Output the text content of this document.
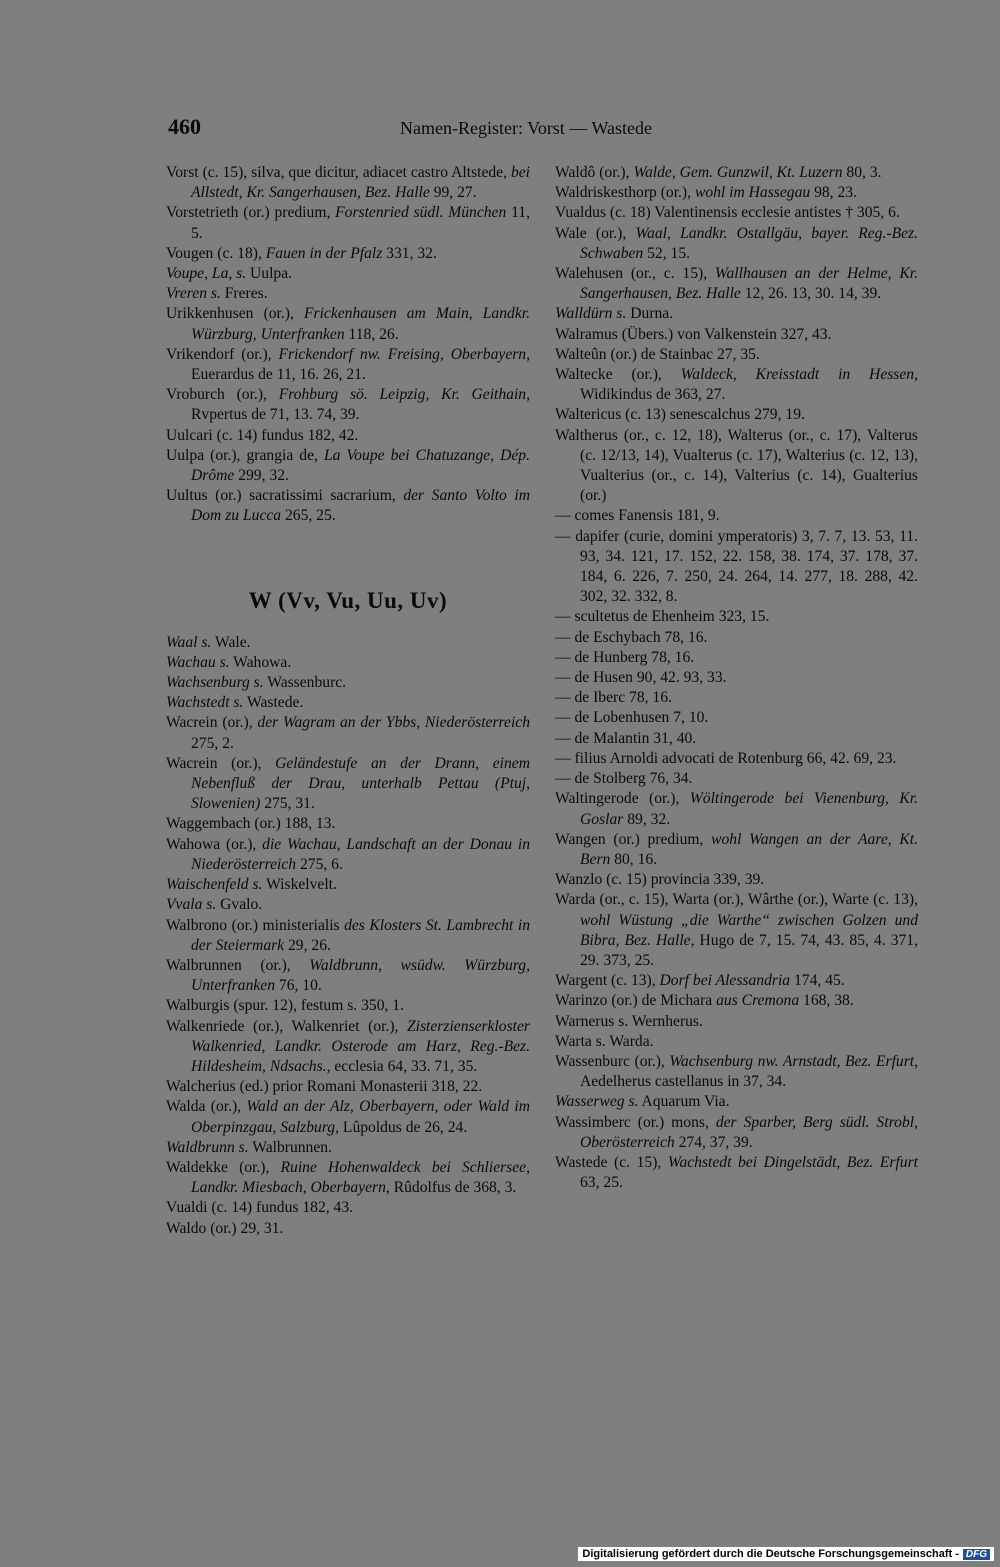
460	Namen-Register: Vorst — Wastede

Vorst (c. 15), silva, que dicitur, adiacet castro Altstede, bei Allstedt, Kr. Sangerhausen, Bez. Halle 99, 27.

Vorstetrieth (or.) predium, Forstenried südl. München 11, 5.

Vougen (c. 18), Fauen in der Pfalz 331, 32.

Voupe, La, s. Uulpa.

Vreren s. Freres.

Urikkenhusen (or.), Frickenhausen am Main, Landkr. Würzburg, Unterfranken 118, 26.

Vrikendorf (or.), Frickendorf nw. Freising, Oberbayern, Euerardus de 11, 16. 26, 21.

Vroburch (or.), Frohburg sö. Leipzig, Kr. Geithain, Rvpertus de 71, 13. 74, 39.

Uulcari (c. 14) fundus 182, 42.

Uulpa (or.), grangia de, La Voupe bei Chatuzange, Dép. Drôme 299, 32.

Uultus (or.) sacratissimi sacrarium, der Santo Volto im Dom zu Lucca 265, 25.

W (Vv, Vu, Uu, Uv)

Waal s. Wale.

Wachau s. Wahowa.

Wachsenburg s. Wassenburc.

Wachstedt s. Wastede.

Wacrein (or.), der Wagram an der Ybbs, Niederösterreich 275, 2.

Wacrein (or.), Geländestufe an der Drann, einem Nebenfluß der Drau, unterhalb Pettau (Ptuj, Slowenien) 275, 31.

Waggembach (or.) 188, 13.

Wahowa (or.), die Wachau, Landschaft an der Donau in Niederösterreich 275, 6.

Waischenfeld s. Wiskelvelt.

Vvala s. Gvalo.

Walbrono (or.) ministerialis des Klosters St. Lambrecht in der Steiermark 29, 26.

Walbrunnen (or.), Waldbrunn, wsüdw. Würzburg, Unterfranken 76, 10.

Walburgis (spur. 12), festum s. 350, 1.

Walkenriede (or.), Walkenriet (or.), Zisterzienserkloster Walkenried, Landkr. Osterode am Harz, Reg.-Bez. Hildesheim, Ndsachs., ecclesia 64, 33. 71, 35.

Walcherius (ed.) prior Romani Monasterii 318, 22.

Walda (or.), Wald an der Alz, Oberbayern, oder Wald im Oberpinzgau, Salzburg, Lûpoldus de 26, 24.

Waldbrunn s. Walbrunnen.

Waldekke (or.), Ruine Hohenwaldeck bei Schliersee, Landkr. Miesbach, Oberbayern, Rûdolfus de 368, 3.

Vualdi (c. 14) fundus 182, 43.

Waldo (or.) 29, 31.

Waldô (or.), Walde, Gem. Gunzwil, Kt. Luzern 80, 3.

Waldriskesthorp (or.), wohl im Hassegau 98, 23.

Vualdus (c. 18) Valentinensis ecclesie antistes † 305, 6.

Wale (or.), Waal, Landkr. Ostallgäu, bayer. Reg.-Bez. Schwaben 52, 15.

Walehusen (or., c. 15), Wallhausen an der Helme, Kr. Sangerhausen, Bez. Halle 12, 26. 13, 30. 14, 39.

Walldürn s. Durna.

Walramus (Übers.) von Valkenstein 327, 43.

Walteûn (or.) de Stainbac 27, 35.

Waltecke (or.), Waldeck, Kreisstadt in Hessen, Widikindus de 363, 27.

Waltericus (c. 13) senescalchus 279, 19.

Waltherus (or., c. 12, 18), Walterus (or., c. 17), Valterus (c. 12/13, 14), Vualterus (c. 17), Walterius (c. 12, 13), Vualterius (or., c. 14), Valterius (c. 14), Gualterius (or.)

— comes Fanensis 181, 9.

— dapifer (curie, domini ymperatoris) 3, 7. 7, 13. 53, 11. 93, 34. 121, 17. 152, 22. 158, 38. 174, 37. 178, 37. 184, 6. 226, 7. 250, 24. 264, 14. 277, 18. 288, 42. 302, 32. 332, 8.

— scultetus de Ehenheim 323, 15.

— de Eschybach 78, 16.

— de Hunberg 78, 16.

— de Husen 90, 42. 93, 33.

— de Iberc 78, 16.

— de Lobenhusen 7, 10.

— de Malantin 31, 40.

— filius Arnoldi advocati de Rotenburg 66, 42. 69, 23.

— de Stolberg 76, 34.

Waltingerode (or.), Wöltingerode bei Vienenburg, Kr. Goslar 89, 32.

Wangen (or.) predium, wohl Wangen an der Aare, Kt. Bern 80, 16.

Wanzlo (c. 15) provincia 339, 39.

Warda (or., c. 15), Warta (or.), Wârthe (or.), Warte (c. 13), wohl Wüstung „die Warthe“ zwischen Golzen und Bibra, Bez. Halle, Hugo de 7, 15. 74, 43. 85, 4. 371, 29. 373, 25.

Wargent (c. 13), Dorf bei Alessandria 174, 45.

Warinzo (or.) de Michara aus Cremona 168, 38.

Warnerus s. Wernherus.

Warta s. Warda.

Wassenburc (or.), Wachsenburg nw. Arnstadt, Bez. Erfurt, Aedelherus castellanus in 37, 34.

Wasserweg s. Aquarum Via.

Wassimberc (or.) mons, der Sparber, Berg südl. Strobl, Oberösterreich 274, 37, 39.

Wastede (c. 15), Wachstedt bei Dingelstädt, Bez. Erfurt 63, 25.

Digitalisierung gefördert durch die Deutsche Forschungsgemeinschaft - DFG
